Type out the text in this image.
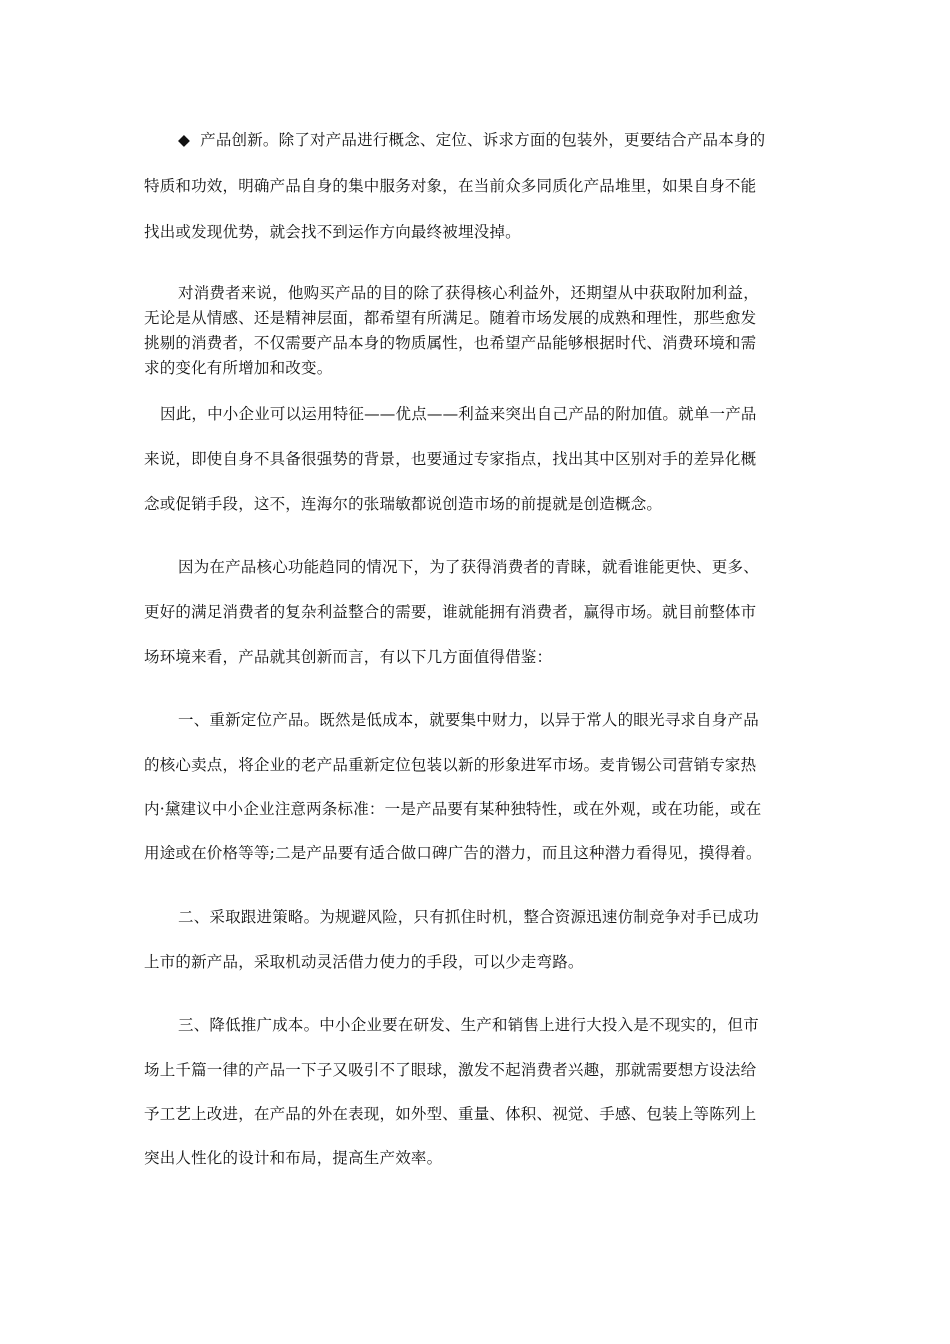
◆ 产品创新。除了对产品进行概念、定位、诉求方面的包装外，更要结合产品本身的
特质和功效，明确产品自身的集中服务对象，在当前众多同质化产品堆里，如果自身不能
找出或发现优势，就会找不到运作方向最终被埋没掉。
对消费者来说，他购买产品的目的除了获得核心利益外，还期望从中获取附加利益，
无论是从情感、还是精神层面，都希望有所满足。随着市场发展的成熟和理性，那些愈发
挑剔的消费者，不仅需要产品本身的物质属性，也希望产品能够根据时代、消费环境和需
求的变化有所增加和改变。
因此，中小企业可以运用特征——优点——利益来突出自己产品的附加值。就单一产品
来说，即使自身不具备很强势的背景，也要通过专家指点，找出其中区别对手的差异化概
念或促销手段，这不，连海尔的张瑞敏都说创造市场的前提就是创造概念。
因为在产品核心功能趋同的情况下，为了获得消费者的青睐，就看谁能更快、更多、
更好的满足消费者的复杂利益整合的需要，谁就能拥有消费者，赢得市场。就目前整体市
场环境来看，产品就其创新而言，有以下几方面值得借鉴：
一、重新定位产品。既然是低成本，就要集中财力，以异于常人的眼光寻求自身产品
的核心卖点，将企业的老产品重新定位包装以新的形象进军市场。麦肯锡公司营销专家热
内·黛建议中小企业注意两条标准：一是产品要有某种独特性，或在外观，或在功能，或在
用途或在价格等等;二是产品要有适合做口碑广告的潜力，而且这种潜力看得见，摸得着。
二、采取跟进策略。为规避风险，只有抓住时机，整合资源迅速仿制竞争对手已成功
上市的新产品，采取机动灵活借力使力的手段，可以少走弯路。
三、降低推广成本。中小企业要在研发、生产和销售上进行大投入是不现实的，但市
场上千篇一律的产品一下子又吸引不了眼球，激发不起消费者兴趣，那就需要想方设法给
予工艺上改进，在产品的外在表现，如外型、重量、体积、视觉、手感、包装上等陈列上
突出人性化的设计和布局，提高生产效率。
